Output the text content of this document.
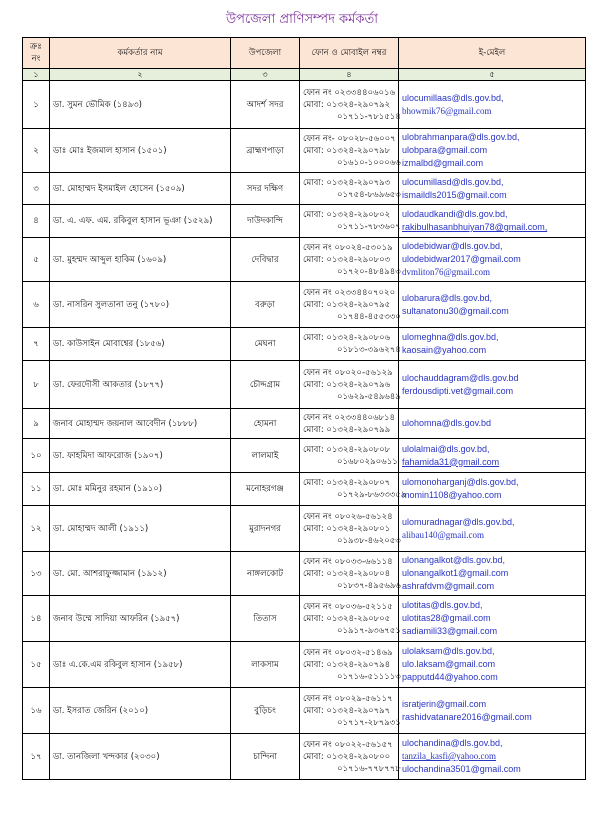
উপজেলা প্রাণিসম্পদ কর্মকর্তা
ক্রঃ নং	কর্মকর্তার নাম	উপজেলা	ফোন ও মোবাইল নম্বর	ই-মেইল
১	২	৩	৪	৫
১	ডা. সুমন ভৌমিক (১৪৯৩)	আদর্শ সদর	ফোন নং ০২৩৩৪৪০৬০১৬
মোবা: ০১৩২৪-২৯০৭৯২
০১৭১১-৭৮১৫১৪	ulocumillaas@dls.gov.bd,
bhowmik76@gmail.com

২	ডাঃ মোঃ ইজমাল হাসান (১৫০১)	ব্রাহ্মণপাড়া	ফোন নং- ০৮০২৮-৫৬০০৭
মোবা: ০১৩২৪-২৯০৭৯৮
০১৬১০-১০০০৬৬	ulobrahmanpara@dls.gov.bd,
ulobpara@gmail.com
izmalbd@gmail.com

৩	ডা. মোহাম্মদ ইসমাইল হোসেন (১৫০৯)	সদর দক্ষিণ	মোবা: ০১৩২৪-২৯০৭৯৩
০১৭৫৪-৮৬৯৬৫৩	ulocumillasd@dls.gov.bd,
ismaildls2015@gmail.com

৪	ডা. এ. এফ. এম. রকিবুল হাসান ভূঞা (১৫২৯)	দাউদকান্দি	মোবা: ০১৩২৪-২৯০৮০২
০১৭১১-৭৮৩৬০৭	ulodaudkandi@dls.gov.bd,
rakibulhasanbhuiyan78@gmail.com,

৫	ডা. মুহম্মদ আব্দুল হাকিম (১৬০৯)	দেবিদ্বার	ফোন নং ০৮০২৪-৫৩০১৯
মোবা: ০১৩২৪-২৯০৮০৩
০১৭২০-৪৮৪৯৪৩	ulodebidwar@dls.gov.bd,
ulodebidwar2017@gmail.com
dvmliton76@gmail.com

৬	ডা. নাসরিন সুলতানা তনু (১৭৮০)	বরুড়া	ফোন নং ০২৩৩৪৪০৭০২০
মোবা: ০১৩২৪-২৯০৭৯৫
০১৭৪৪-৪৫৫৩৩০	ulobarura@dls.gov.bd,
sultanatonu30@gmail.com

৭	ডা. কাউসাইন মোবাশ্বের (১৮৫৬)	মেঘনা	মোবা: ০১৩২৪-২৯০৮০৬
০১৮১৩-৩৯৬২৭৪	ulomeghna@dls.gov.bd,
kaosain@yahoo.com

৮	ডা. ফেরদৌসী আকতার (১৮৭৭)	চৌদ্দগ্রাম	ফোন নং ০৮০২০-৫৬১২৯
মোবা: ০১৩২৪-২৯০৭৯৬
০১৬২৯-৫৪৯৬৪৯	ulochauddagram@dls.gov.bd
ferdousdipti.vet@gmail.com

৯	জনাব মোহাম্মদ জয়নাল আবেদীন (১৮৮৮)	হোমনা	ফোন নং ০২৩৩৪৪০৬৮১৪
মোবা: ০১৩২৪-২৯০৭৯৯	ulohomna@dls.gov.bd

১০	ডা. ফাহমিদা আফরোজ (১৯০৭)	লালমাই	মোবা: ০১৩২৪-২৯০৮০৮
০১৬৮০২৯০৬১১	ulolalmai@dls.gov.bd,
fahamida31@gmail.com

১১	ডা. মোঃ মমিনুর রহমান (১৯১০)	মনোহরগঞ্জ	মোবা: ০১৩২৪-২৯০৮০৭
০১৭২৯-৮৬৩৩৩৫৯	ulomonoharganj@dls.gov.bd,
momin1108@yahoo.com

১২	ডা. মোহাম্মদ আলী (১৯১১)	মুরাদনগর	ফোন নং ০৮০২৬-৫৬১২৪
মোবা: ০১৩২৪-২৯০৮০১
০১৯৩৮-৪৬২০৫৩	ulomuradnagar@dls.gov.bd,
alibau140@gmail.com

১৩	ডা. মো. আশরাফুজ্জামান (১৯১২)	নাঙ্গলকোট	ফোন নং ০৮০৩৩-৬৬১১৪
মোবা: ০১৩২৪-২৯০৮০৪
০১৮৩৭-৪৯৫৬৯৬	ulonangalkot@dls.gov.bd,
ulonangalkot1@gmail.com
ashrafdvm@gmail.com

১৪	জনাব উম্মে সাদিয়া আফরিন (১৯৫৭)	তিতাস	ফোন নং ০৮০৩৬-৫২১১৫
মোবা: ০১৩২৪-২৯০৮০৫
০১৯১৭-৯৩৬৭৫১	ulotitas@dls.gov.bd,
ulotitas28@gmail.com
sadiamili33@gmail.com

১৫	ডাঃ এ.কে.এম রকিবুল হাসান (১৯৫৮)	লাকসাম	ফোন নং ০৮০৩২-৫১৪৬৯
মোবা: ০১৩২৪-২৯০৭৯৪
০১৭১৬-৫১১১১৩	ulolaksam@dls.gov.bd,
ulo.laksam@gmail.com
papputd44@yahoo.com

১৬	ডা. ইসরাত জেরিন (২০১০)	বুড়িচং	ফোন নং ০৮০২৯-৫৬১১৭
মোবা: ০১৩২৪-২৯০৭৯৭
০১৭১৭-২৮৭৯৩১	isratjerin@gmail.com
rashidvatanare2016@gmail.com

১৭	ডা. তানজিলা খন্দকার (২০৩০)	চান্দিনা	ফোন নং ০৮০২২-৫৬১৫৭
মোবা: ০১৩২৪-২৯০৮০০
০১৭১৬-৭৭৮৭৭৮	ulochandina@dls.gov.bd,
tanzila_kasfi@yahoo.com
ulochandina3501@gmail.com
